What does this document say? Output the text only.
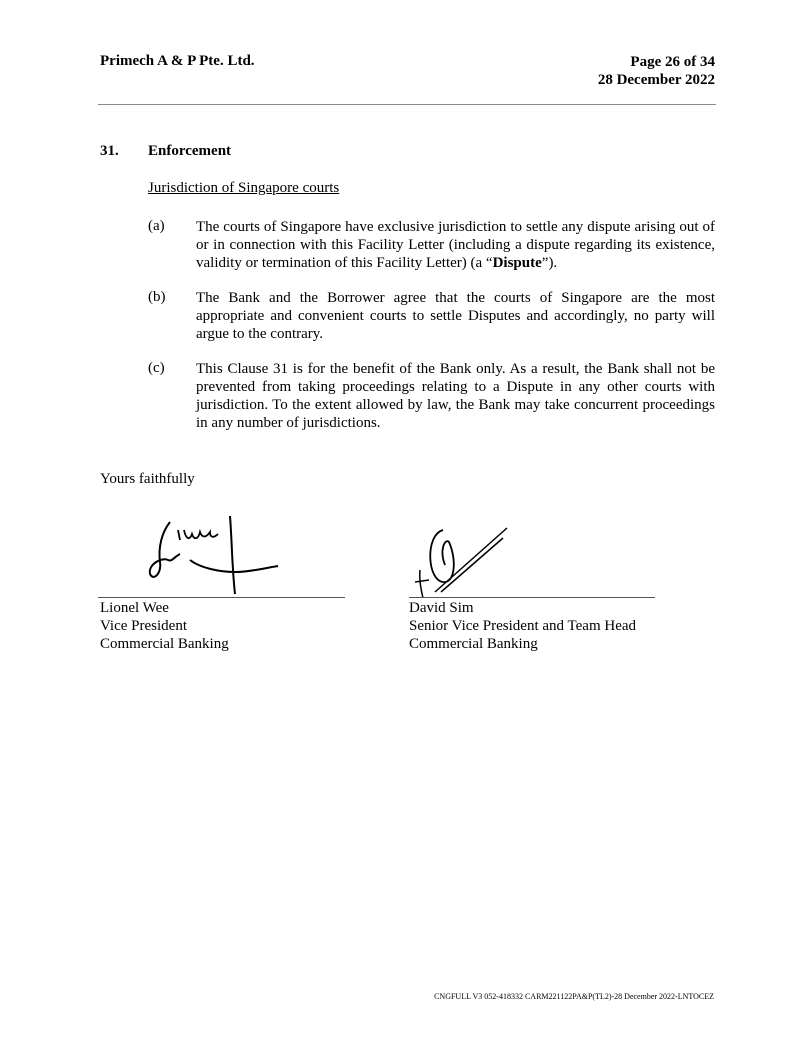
Primech A & P Pte. Ltd.	Page 26 of 34
28 December 2022
31. Enforcement
Jurisdiction of Singapore courts
(a)	The courts of Singapore have exclusive jurisdiction to settle any dispute arising out of or in connection with this Facility Letter (including a dispute regarding its existence, validity or termination of this Facility Letter) (a “Dispute”).
(b)	The Bank and the Borrower agree that the courts of Singapore are the most appropriate and convenient courts to settle Disputes and accordingly, no party will argue to the contrary.
(c)	This Clause 31 is for the benefit of the Bank only. As a result, the Bank shall not be prevented from taking proceedings relating to a Dispute in any other courts with jurisdiction. To the extent allowed by law, the Bank may take concurrent proceedings in any number of jurisdictions.
Yours faithfully
Lionel Wee
Vice President
Commercial Banking
David Sim
Senior Vice President and Team Head
Commercial Banking
CNGFULL V3 052-418332 CARM221122PA&P(TL2)-28 December 2022-LNTOCEZ
